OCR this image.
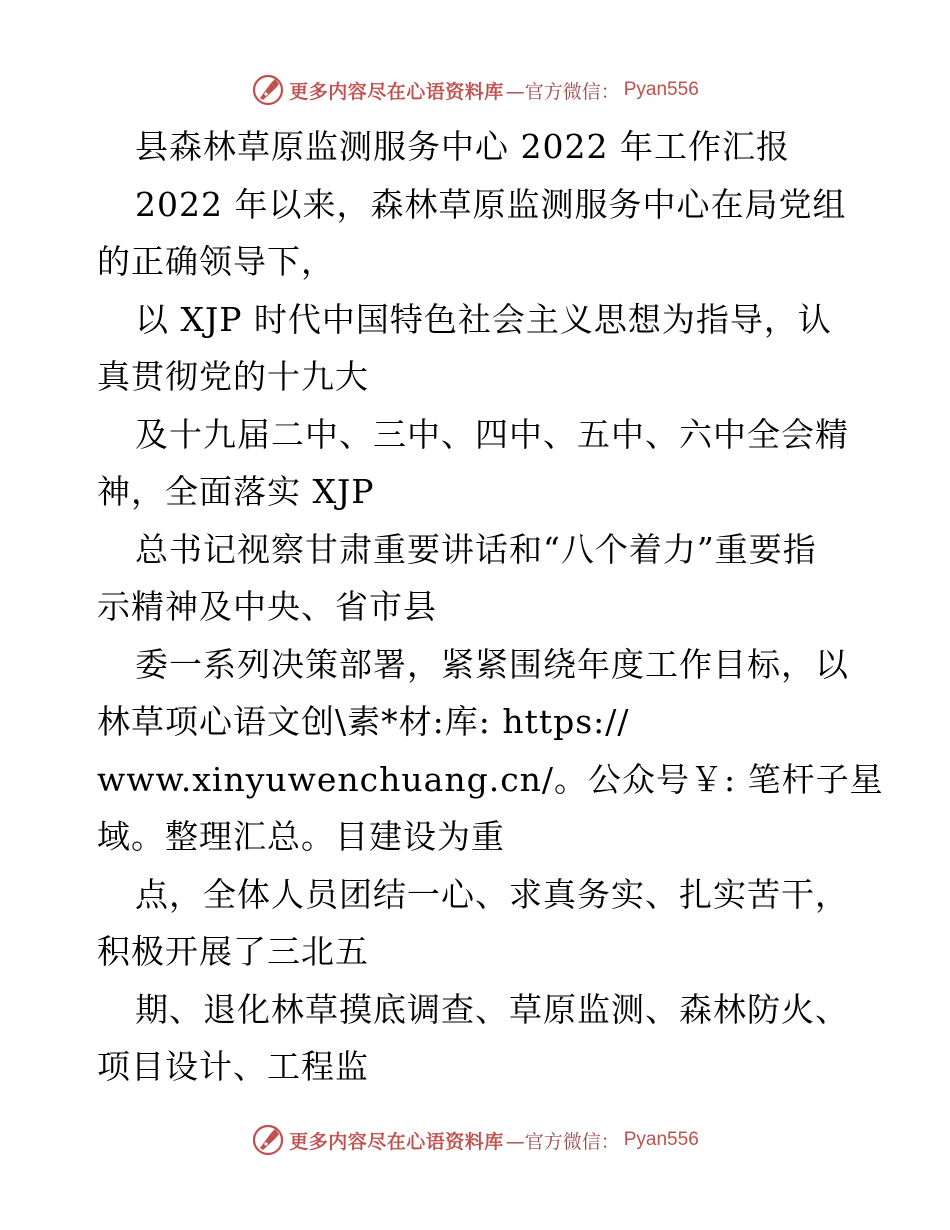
更多内容尽在心语资料库 —官方微信： Pyan556
县森林草原监测服务中心 2022 年工作汇报
2022 年以来，森林草原监测服务中心在局党组
的正确领导下，
以 XJP 时代中国特色社会主义思想为指导，认
真贯彻党的十九大
及十九届二中、三中、四中、五中、六中全会精
神，全面落实 XJP
总书记视察甘肃重要讲话和“八个着力”重要指
示精神及中央、省市县
委一系列决策部署，紧紧围绕年度工作目标，以
林草项心语文创\素*材:库: https://
www.xinyuwenchuang.cn/。公众号￥: 笔杆子星
域。整理汇总。目建设为重
点，全体人员团结一心、求真务实、扎实苦干，
积极开展了三北五
期、退化林草摸底调查、草原监测、森林防火、
项目设计、工程监
更多内容尽在心语资料库 —官方微信： Pyan556
